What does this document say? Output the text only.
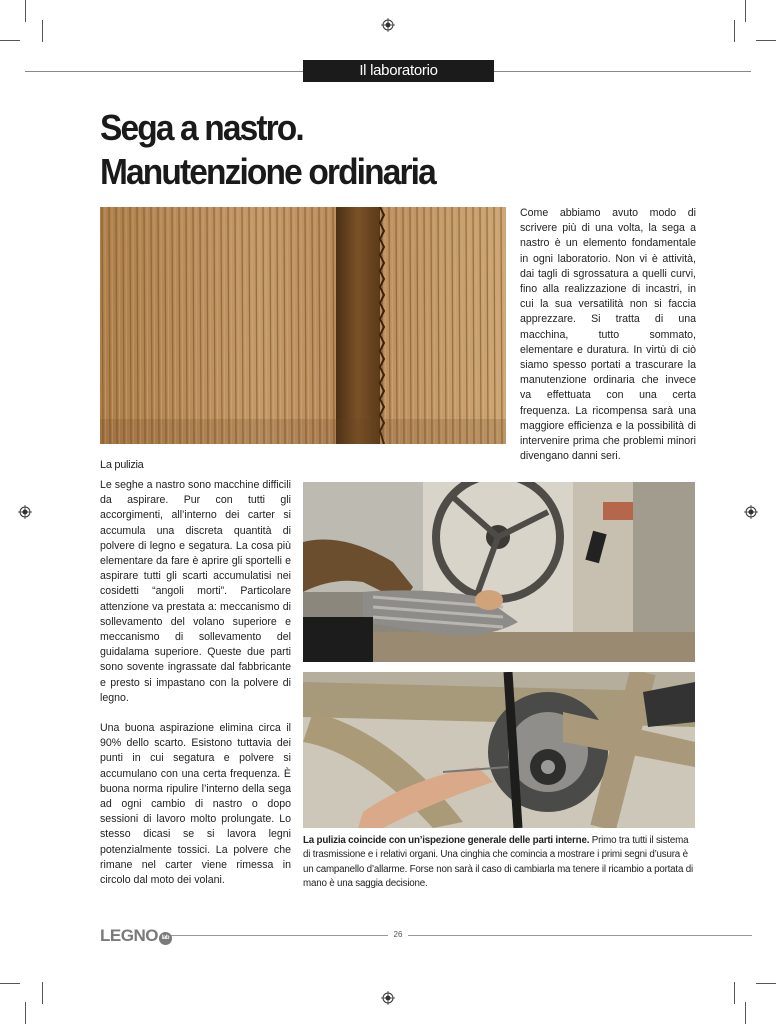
Il laboratorio
Sega a nastro.
Manutenzione ordinaria
Come abbiamo avuto modo di scrivere più di una volta, la sega a nastro è un elemento fondamentale in ogni laboratorio. Non vi è attività, dai tagli di sgrossatura a quelli curvi, fino alla realizzazione di incastri, in cui la sua versatilità non si faccia apprezzare. Si tratta di una macchina, tutto sommato, elementare e duratura. In virtù di ciò siamo spesso portati a trascurare la manutenzione ordinaria che invece va effettuata con una certa frequenza. La ricompensa sarà una maggiore efficienza e la possibilità di intervenire prima che problemi minori divengano danni seri.
La pulizia

Le seghe a nastro sono macchine difficili da aspirare. Pur con tutti gli accorgimenti, all’interno dei carter si accumula una discreta quantità di polvere di legno e segatura. La cosa più elementare da fare è aprire gli sportelli e aspirare tutti gli scarti accumulatisi nei cosidetti “angoli morti”. Particolare attenzione va prestata a: meccanismo di sollevamento del volano superiore e meccanismo di sollevamento del guidalama superiore. Queste due parti sono sovente ingrassate dal fabbricante e presto si impastano con la polvere di legno.

Una buona aspirazione elimina circa il 90% dello scarto. Esistono tuttavia dei punti in cui segatura e polvere si accumulano con una certa frequenza. È buona norma ripulire l’interno della sega ad ogni cambio di nastro o dopo sessioni di lavoro molto prolungate. Lo stesso dicasi se si lavora legni potenzialmente tossici. La polvere che rimane nel carter viene rimessa in circolo dal moto dei volani.

La pulizia coincide con un’ispezione generale delle parti interne. Primo tra tutti il sistema di trasmissione e i relativi organi. Una cinghia che comincia a mostrare i primi segni d’usura è un campanello d’allarme. Forse non sarà il caso di cambiarla ma tenere il ricambio a portata di mano è una saggia decisione.
LEGNO lab	26
